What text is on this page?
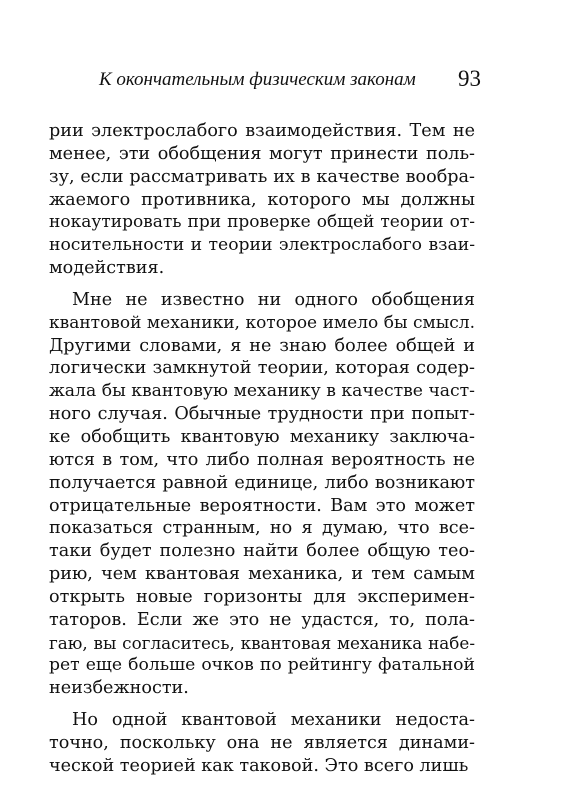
К окончательным физическим законам 93
рии электрослабого взаимодействия. Тем не
менее, эти обобщения могут принести поль-
зу, если рассматривать их в качестве вообра-
жаемого противника, которого мы должны
нокаутировать при проверке общей теории от-
носительности и теории электрослабого взаи-
модействия.
Мне не известно ни одного обобщения
квантовой механики, которое имело бы смысл.
Другими словами, я не знаю более общей и
логически замкнутой теории, которая содер-
жала бы квантовую механику в качестве част-
ного случая. Обычные трудности при попыт-
ке обобщить квантовую механику заключа-
ются в том, что либо полная вероятность не
получается равной единице, либо возникают
отрицательные вероятности. Вам это может
показаться странным, но я думаю, что все-
таки будет полезно найти более общую тео-
рию, чем квантовая механика, и тем самым
открыть новые горизонты для эксперимен-
таторов. Если же это не удастся, то, пола-
гаю, вы согласитесь, квантовая механика набе-
рет еще больше очков по рейтингу фатальной
неизбежности.
Но одной квантовой механики недоста-
точно, поскольку она не является динами-
ческой теорией как таковой. Это всего лишь
